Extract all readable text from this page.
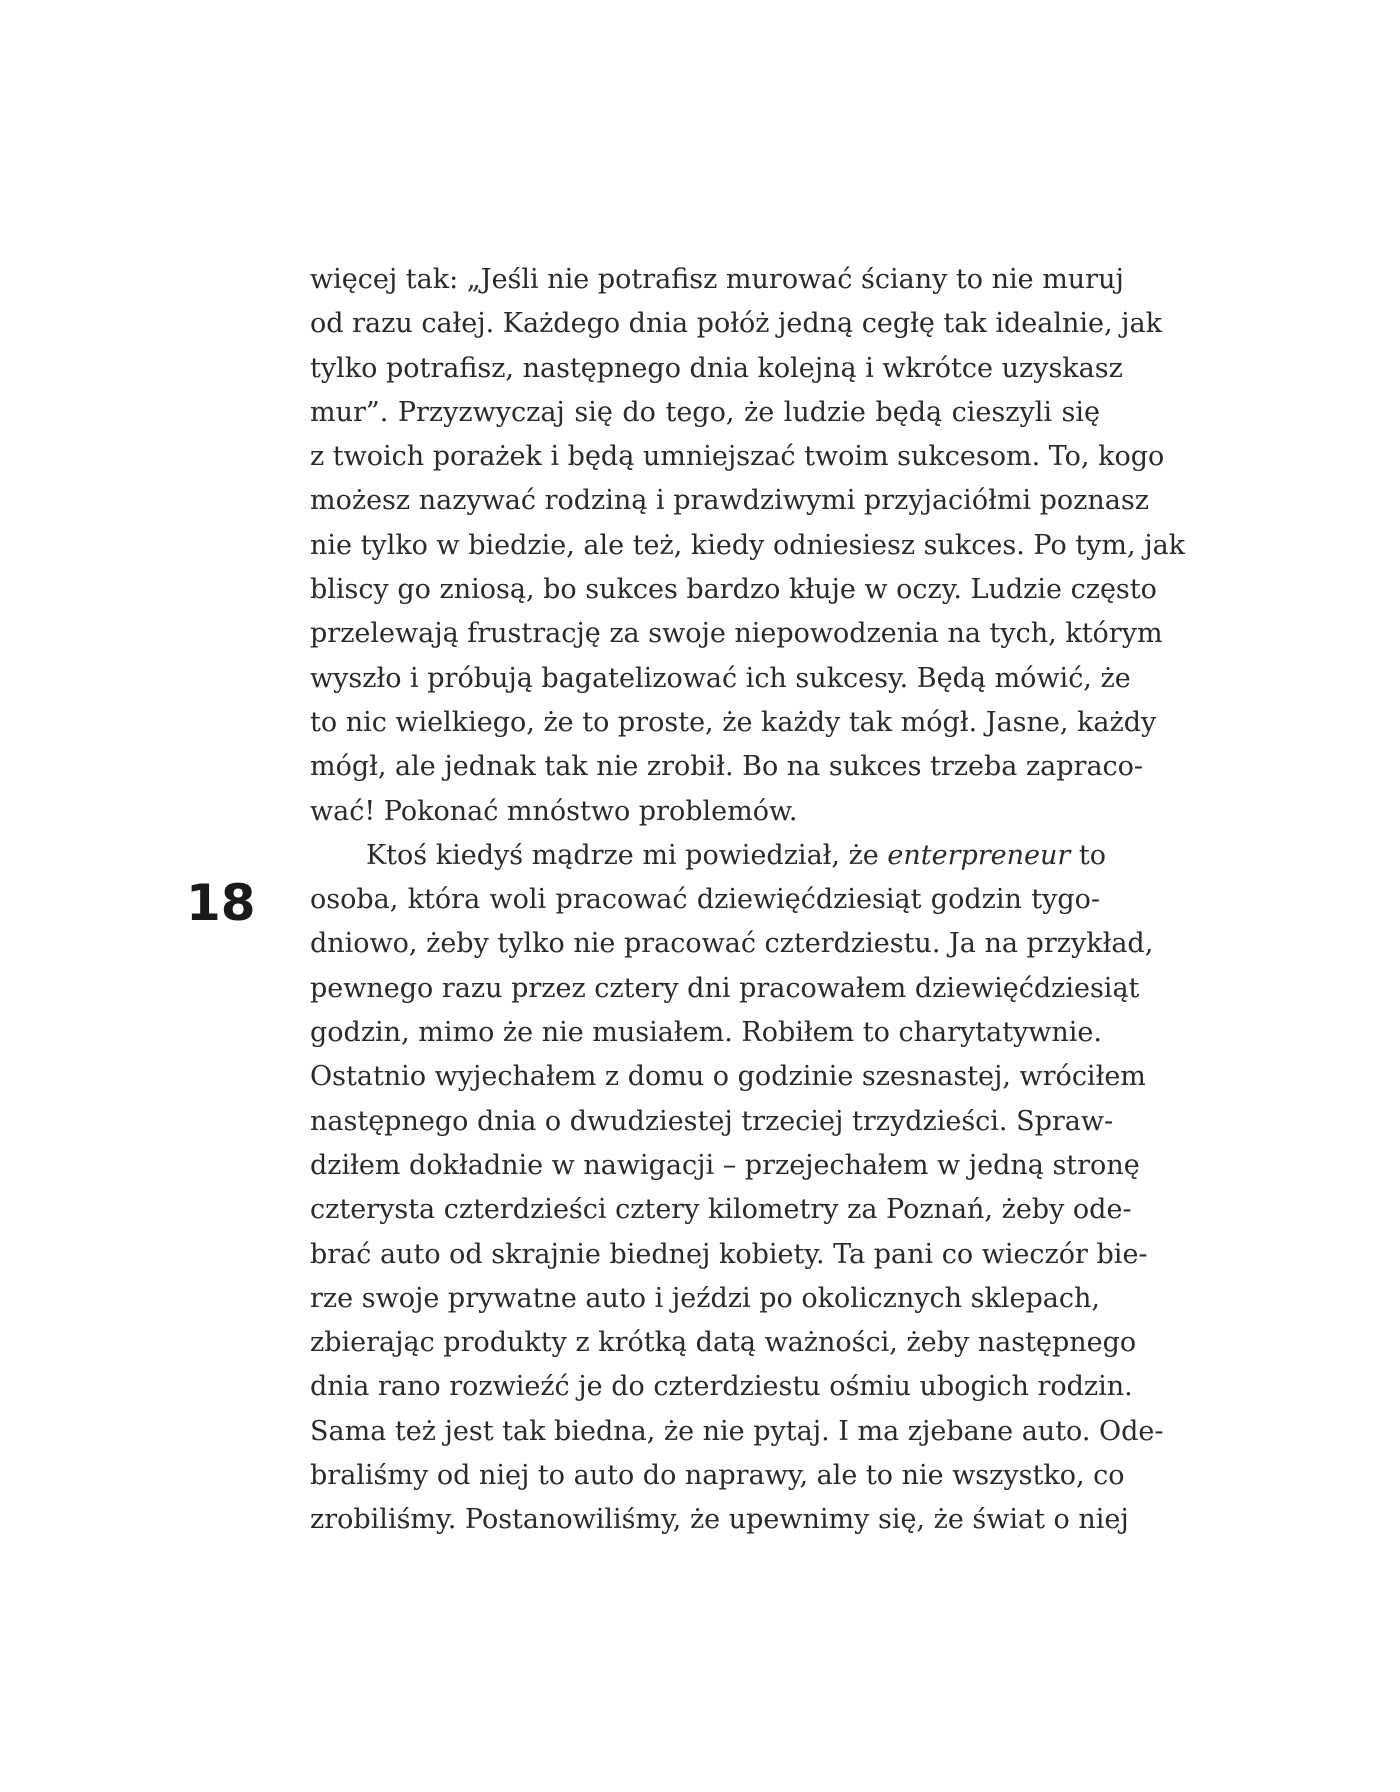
18
więcej tak: „Jeśli nie potrafisz murować ściany to nie muruj
od razu całej. Każdego dnia połóż jedną cegłę tak idealnie, jak
tylko potrafisz, następnego dnia kolejną i wkrótce uzyskasz
mur”. Przyzwyczaj się do tego, że ludzie będą cieszyli się
z twoich porażek i będą umniejszać twoim sukcesom. To, kogo
możesz nazywać rodziną i prawdziwymi przyjaciółmi poznasz
nie tylko w biedzie, ale też, kiedy odniesiesz sukces. Po tym, jak
bliscy go zniosą, bo sukces bardzo kłuje w oczy. Ludzie często
przelewają frustrację za swoje niepowodzenia na tych, którym
wyszło i próbują bagatelizować ich sukcesy. Będą mówić, że
to nic wielkiego, że to proste, że każdy tak mógł. Jasne, każdy
mógł, ale jednak tak nie zrobił. Bo na sukces trzeba zapraco-
wać! Pokonać mnóstwo problemów.
Ktoś kiedyś mądrze mi powiedział, że enterpreneur to
osoba, która woli pracować dziewięćdziesiąt godzin tygo-
dniowo, żeby tylko nie pracować czterdziestu. Ja na przykład,
pewnego razu przez cztery dni pracowałem dziewięćdziesiąt
godzin, mimo że nie musiałem. Robiłem to charytatywnie.
Ostatnio wyjechałem z domu o godzinie szesnastej, wróciłem
następnego dnia o dwudziestej trzeciej trzydzieści. Spraw-
dziłem dokładnie w nawigacji – przejechałem w jedną stronę
czterysta czterdzieści cztery kilometry za Poznań, żeby ode-
brać auto od skrajnie biednej kobiety. Ta pani co wieczór bie-
rze swoje prywatne auto i jeździ po okolicznych sklepach,
zbierając produkty z krótką datą ważności, żeby następnego
dnia rano rozwieźć je do czterdziestu ośmiu ubogich rodzin.
Sama też jest tak biedna, że nie pytaj. I ma zjebane auto. Ode-
braliśmy od niej to auto do naprawy, ale to nie wszystko, co
zrobiliśmy. Postanowiliśmy, że upewnimy się, że świat o niej
